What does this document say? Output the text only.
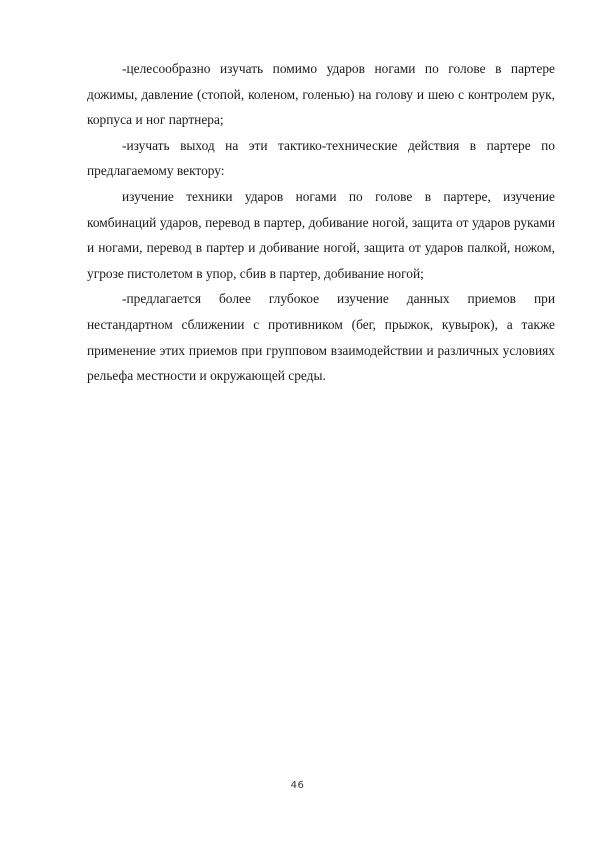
-целесообразно изучать помимо ударов ногами по голове в партере дожимы, давление (стопой, коленом, голенью) на голову и шею с контролем рук, корпуса и ног партнера;

-изучать выход на эти тактико-технические действия в партере по предлагаемому вектору:

изучение техники ударов ногами по голове в партере, изучение комбинаций ударов, перевод в партер, добивание ногой, защита от ударов руками и ногами, перевод в партер и добивание ногой, защита от ударов палкой, ножом, угрозе пистолетом в упор, сбив в партер, добивание ногой;

-предлагается более глубокое изучение данных приемов при нестандартном сближении с противником (бег, прыжок, кувырок), а также применение этих приемов при групповом взаимодействии и различных условиях рельефа местности и окружающей среды.

46
